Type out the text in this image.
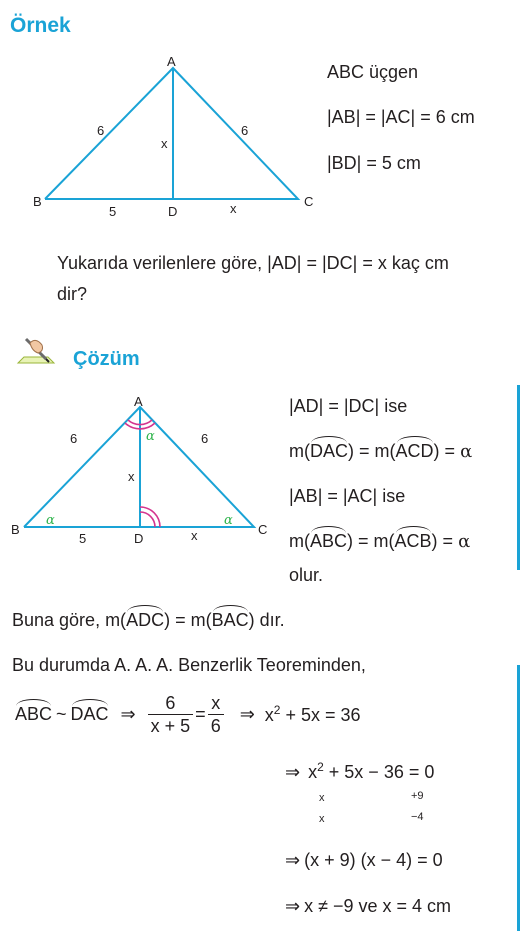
Örnek
A
B	C
D
6	6
x
5	x
ABC üçgen
|AB| = |AC| = 6 cm
|BD| = 5 cm
Yukarıda verilenlere göre, |AD| = |DC| = x kaç cm
dir?
Çözüm
A
B	C
D
6	6
x
5	x
α	α
α
|AD| = |DC| ise
m(DAC) = m(ACD) = α
|AB| = |AC| ise
m(ABC) = m(ACB) = α
olur.
Buna göre, m(ADC) = m(BAC) dır.
Bu durumda A. A. A. Benzerlik Teoreminden,
ABC ~ DAC ⇒ $\frac{6}{x + 5} = \frac{x}{6}$ ⇒ $x^2 + 5x = 36$
⇒ $x^2 + 5x - 36 = 0$
x	+9
x	−4
⇒ (x + 9) (x − 4) = 0
⇒ x ≠ −9 ve x = 4 cm
